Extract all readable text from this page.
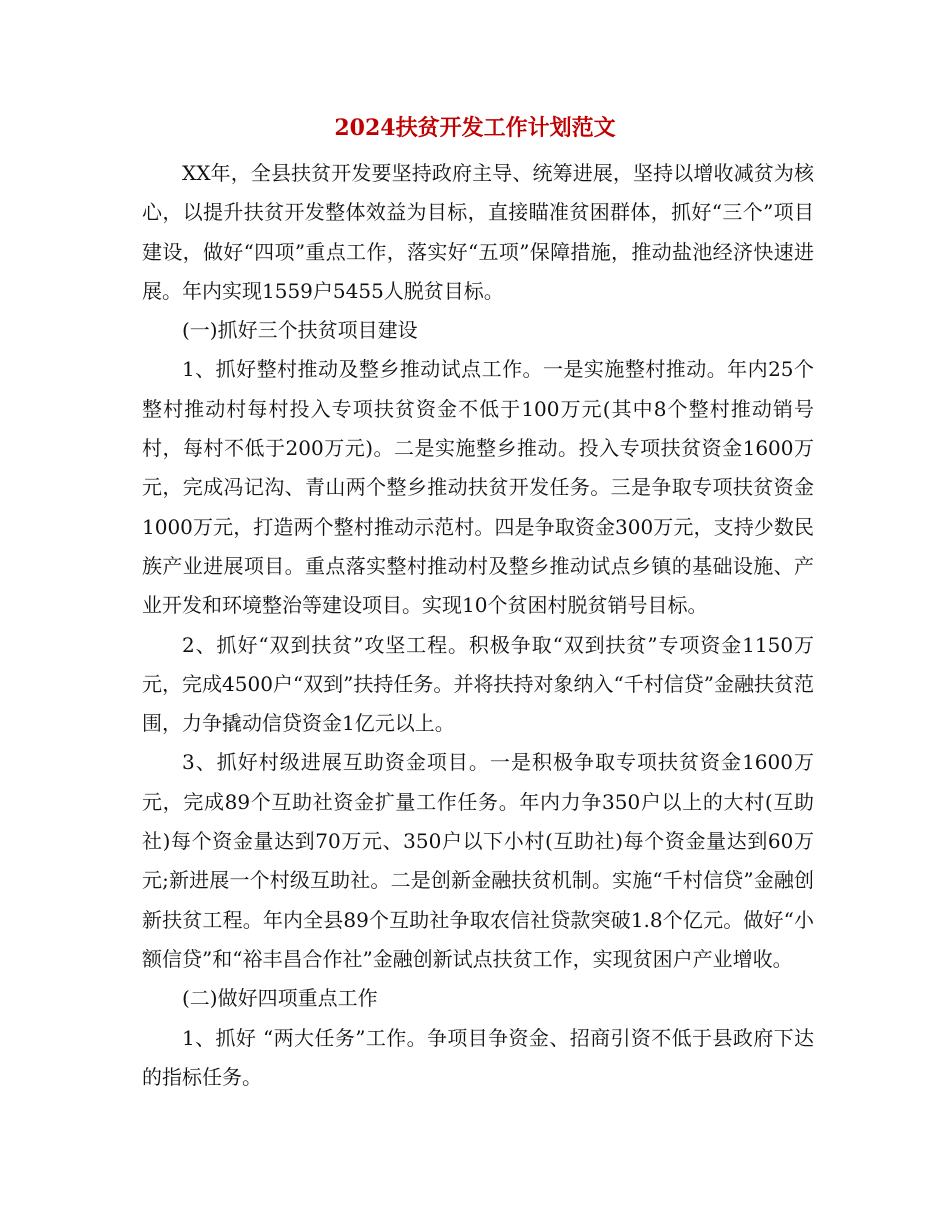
2024扶贫开发工作计划范文

XX年，全县扶贫开发要坚持政府主导、统筹进展，坚持以增收减贫为核心，以提升扶贫开发整体效益为目标，直接瞄准贫困群体，抓好“三个”项目建设，做好“四项”重点工作，落实好“五项”保障措施，推动盐池经济快速进展。年内实现1559户5455人脱贫目标。

(一)抓好三个扶贫项目建设

1、抓好整村推动及整乡推动试点工作。一是实施整村推动。年内25个整村推动村每村投入专项扶贫资金不低于100万元(其中8个整村推动销号村，每村不低于200万元)。二是实施整乡推动。投入专项扶贫资金1600万元，完成冯记沟、青山两个整乡推动扶贫开发任务。三是争取专项扶贫资金1000万元，打造两个整村推动示范村。四是争取资金300万元，支持少数民族产业进展项目。重点落实整村推动村及整乡推动试点乡镇的基础设施、产业开发和环境整治等建设项目。实现10个贫困村脱贫销号目标。

2、抓好“双到扶贫”攻坚工程。积极争取“双到扶贫”专项资金1150万元，完成4500户“双到”扶持任务。并将扶持对象纳入“千村信贷”金融扶贫范围，力争撬动信贷资金1亿元以上。

3、抓好村级进展互助资金项目。一是积极争取专项扶贫资金1600万元，完成89个互助社资金扩量工作任务。年内力争350户以上的大村(互助社)每个资金量达到70万元、350户以下小村(互助社)每个资金量达到60万元;新进展一个村级互助社。二是创新金融扶贫机制。实施“千村信贷”金融创新扶贫工程。年内全县89个互助社争取农信社贷款突破1.8个亿元。做好“小额信贷”和“裕丰昌合作社”金融创新试点扶贫工作，实现贫困户产业增收。

(二)做好四项重点工作

1、抓好 “两大任务”工作。争项目争资金、招商引资不低于县政府下达的指标任务。
